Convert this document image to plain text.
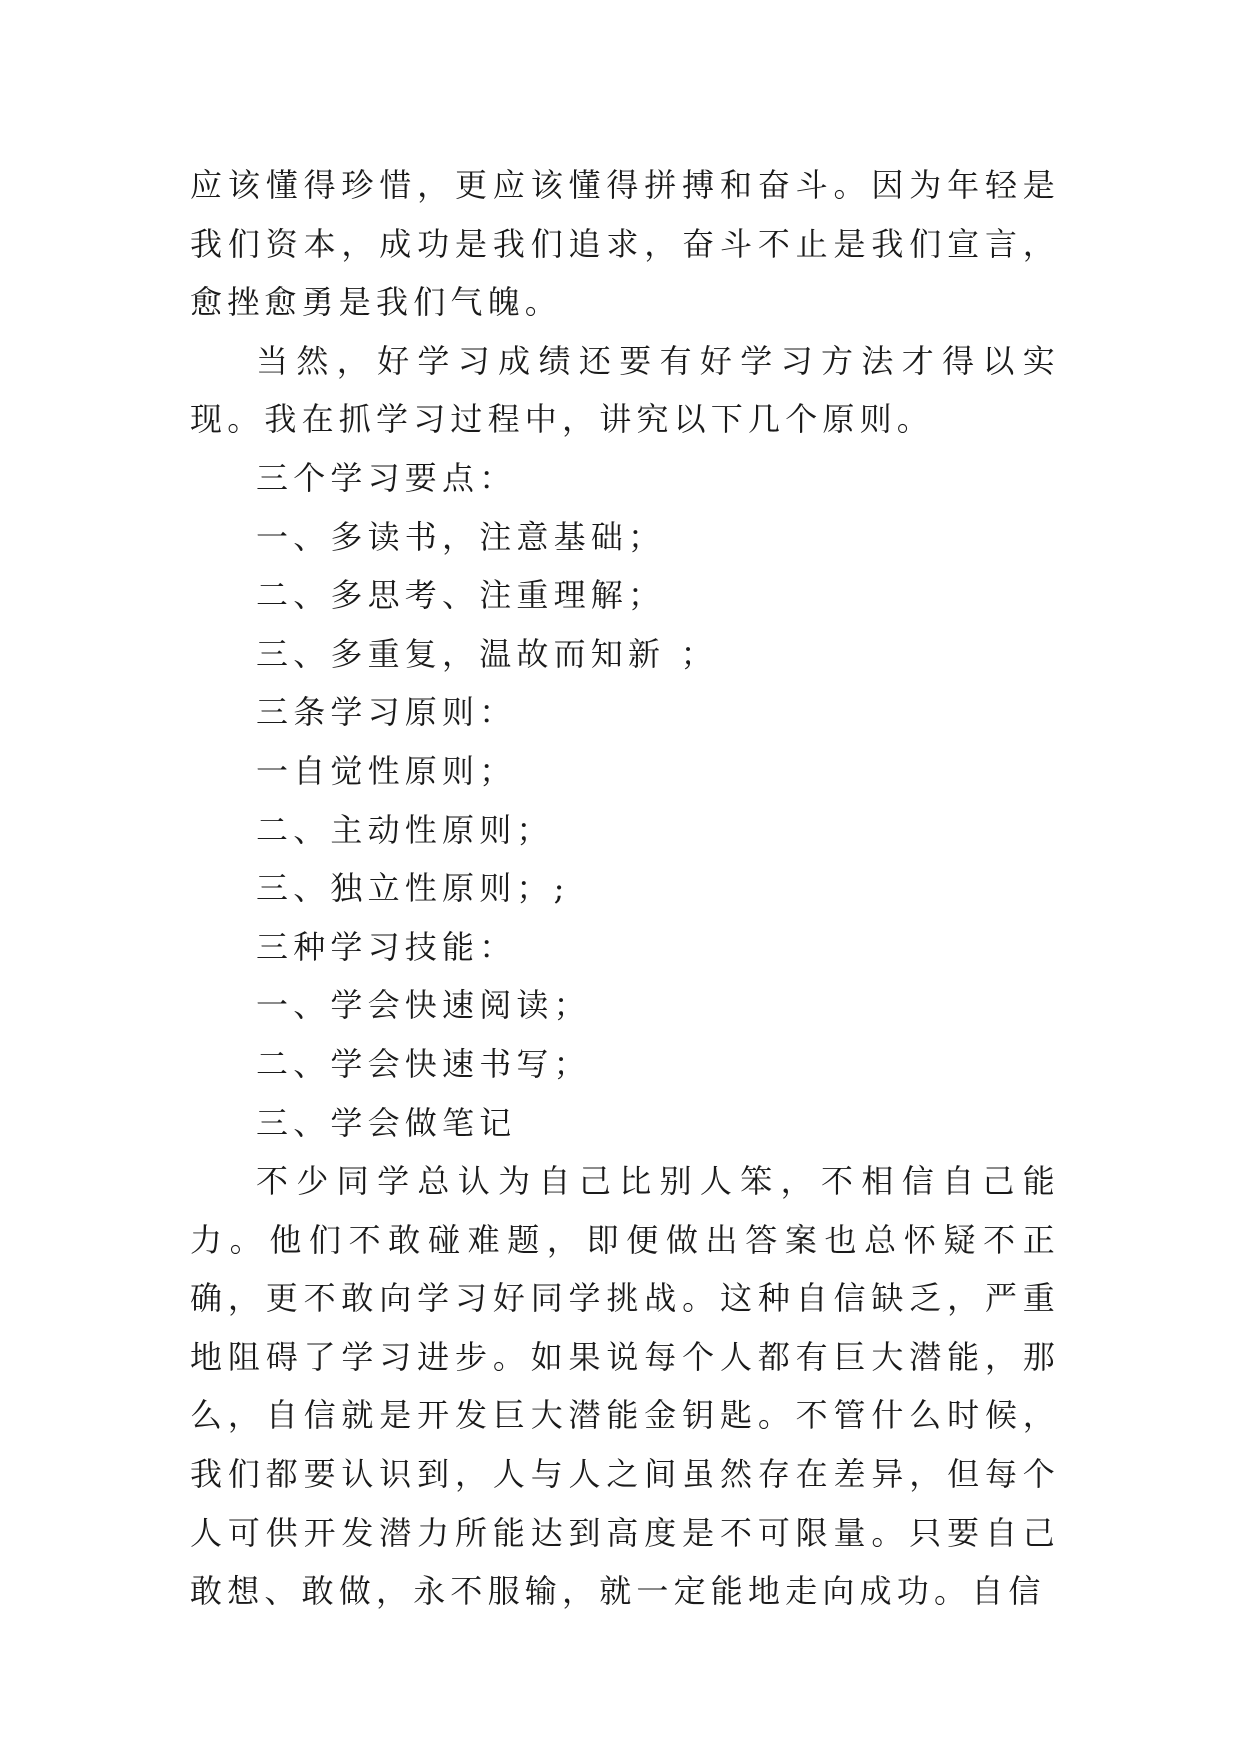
应该懂得珍惜，更应该懂得拼搏和奋斗。因为年轻是我们资本，成功是我们追求，奋斗不止是我们宣言，愈挫愈勇是我们气魄。

当然，好学习成绩还要有好学习方法才得以实现。我在抓学习过程中，讲究以下几个原则。

三个学习要点：

一、多读书，注意基础；

二、多思考、注重理解；

三、多重复，温故而知新 ；

三条学习原则：

一自觉性原则；

二、主动性原则；

三、独立性原则；;

三种学习技能：

一、学会快速阅读；

二、学会快速书写；

三、学会做笔记

不少同学总认为自己比别人笨，不相信自己能力。他们不敢碰难题，即便做出答案也总怀疑不正确，更不敢向学习好同学挑战。这种自信缺乏，严重地阻碍了学习进步。如果说每个人都有巨大潜能，那么，自信就是开发巨大潜能金钥匙。不管什么时候，我们都要认识到，人与人之间虽然存在差异，但每个人可供开发潜力所能达到高度是不可限量。只要自己敢想、敢做，永不服输，就一定能地走向成功。自信
